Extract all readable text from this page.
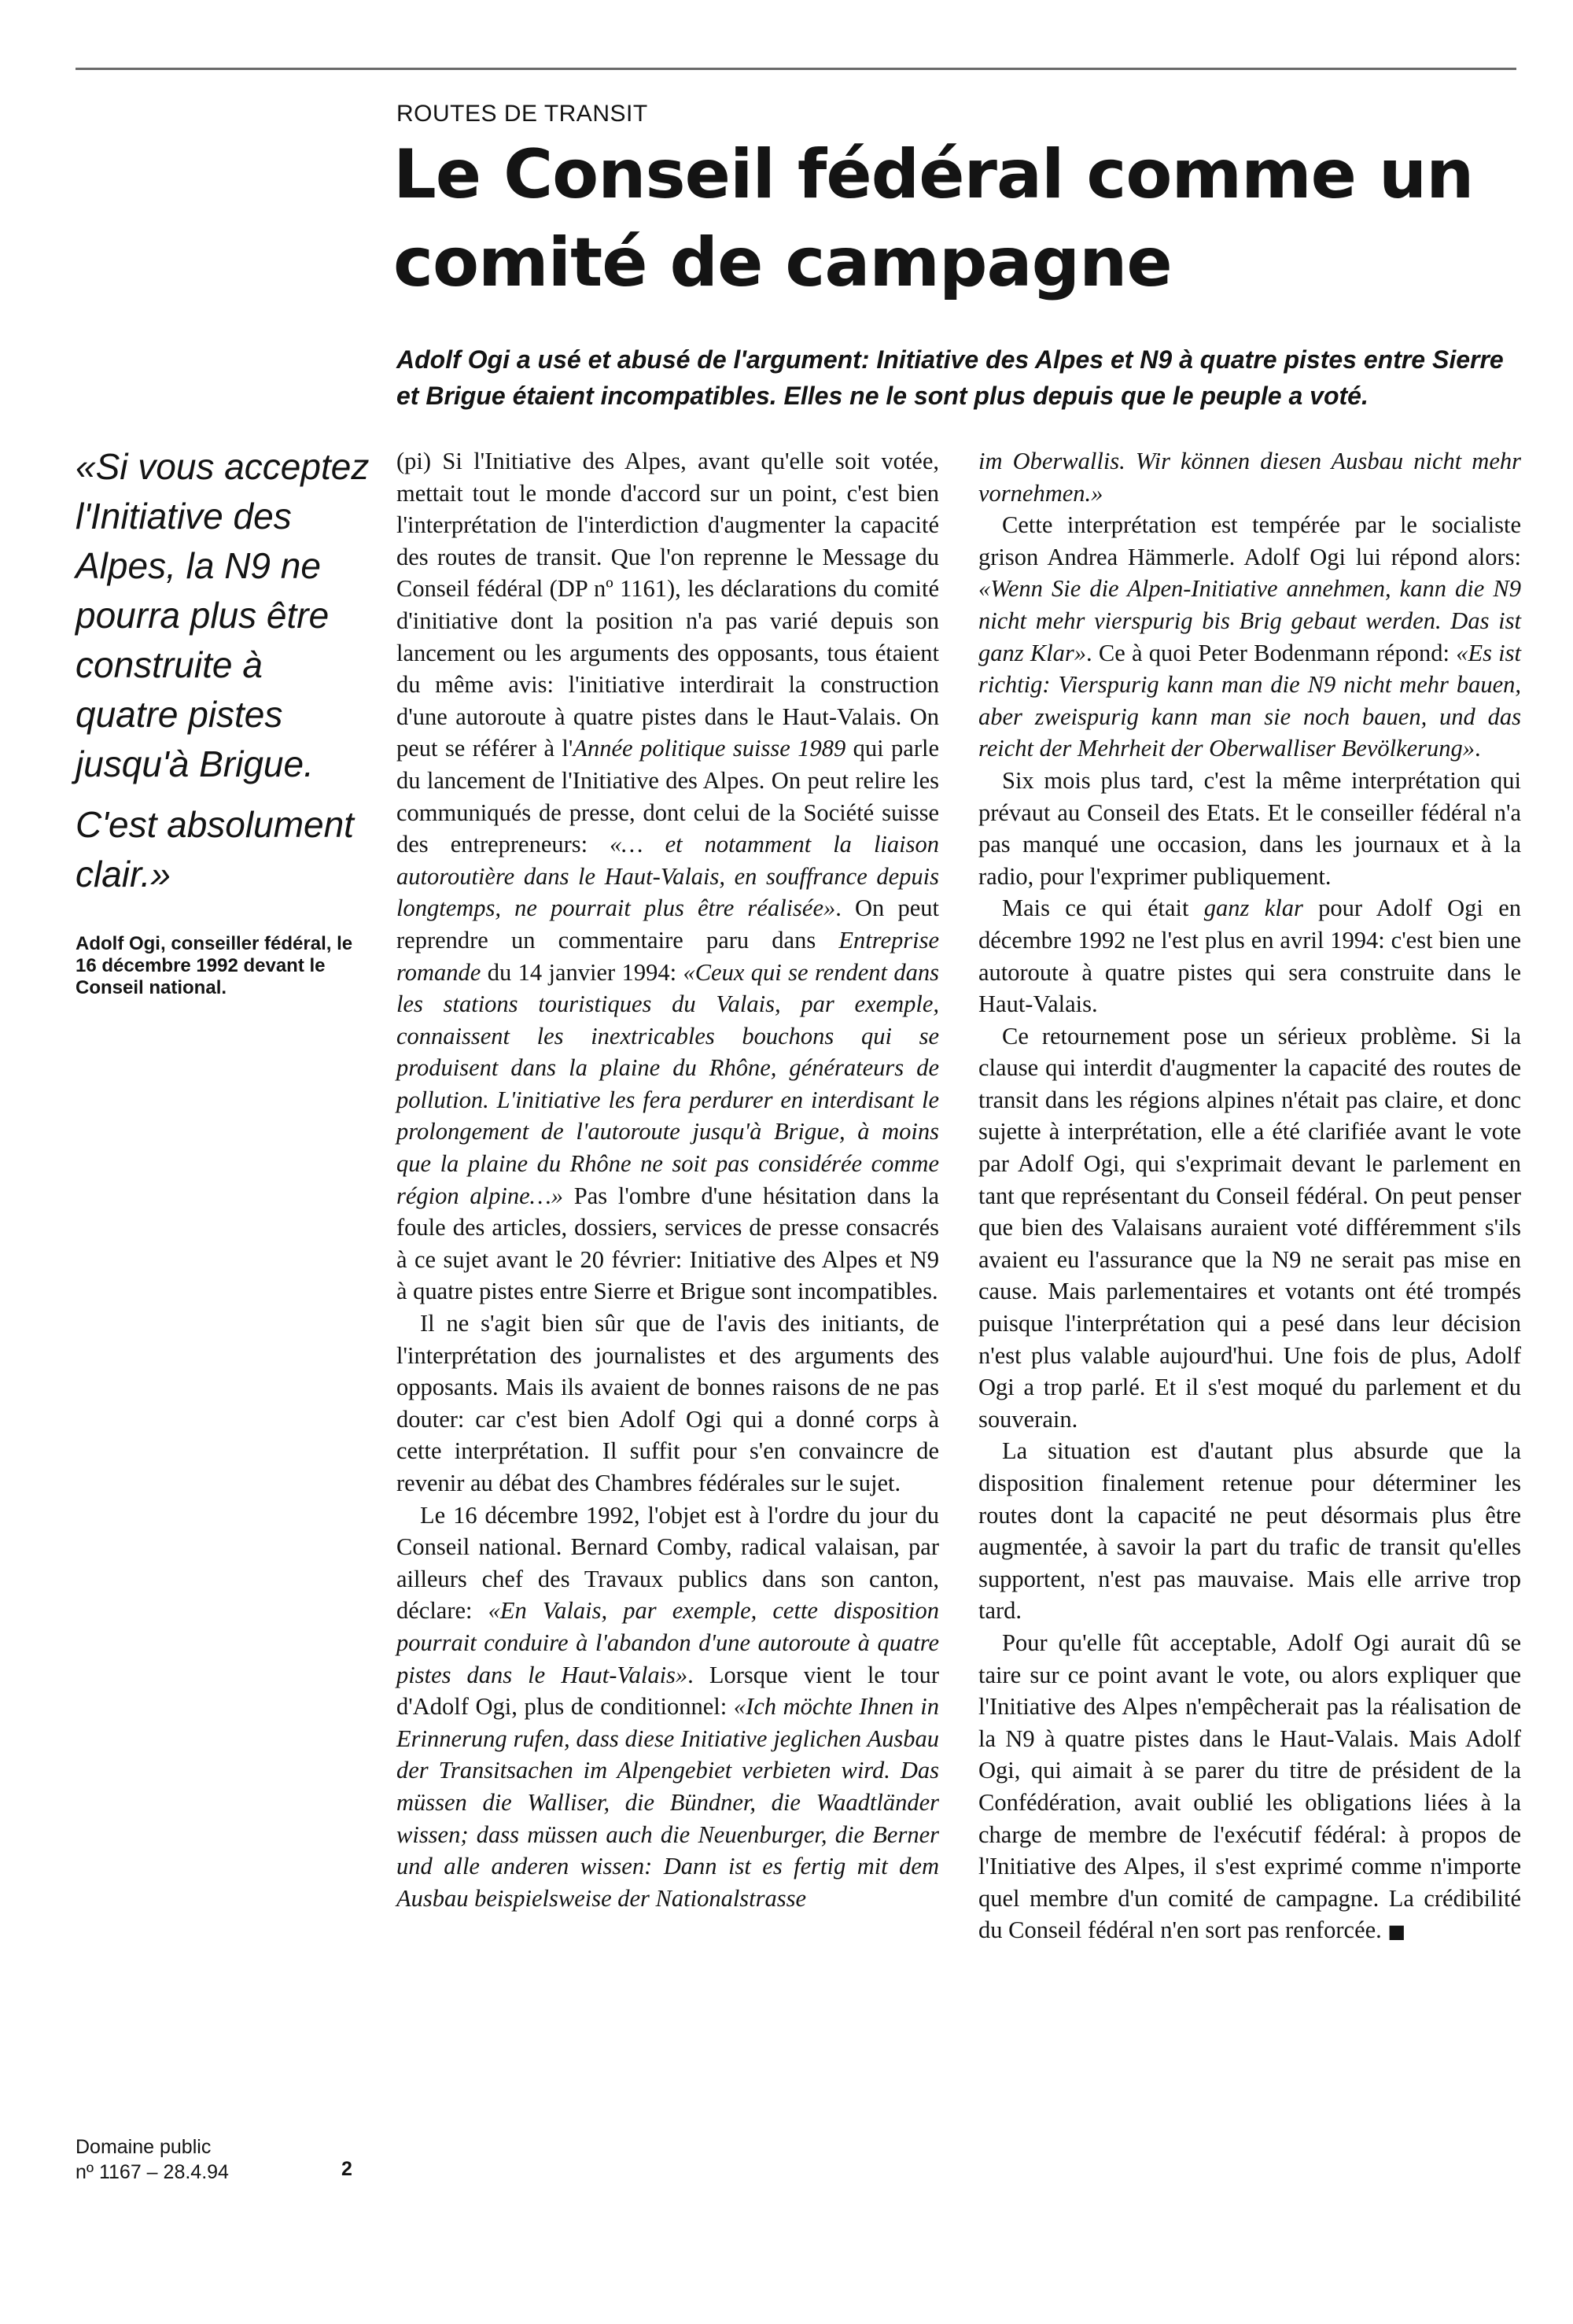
ROUTES DE TRANSIT
Le Conseil fédéral comme un
comité de campagne

Adolf Ogi a usé et abusé de l'argument: Initiative des Alpes et N9 à quatre pistes entre Sierre
et Brigue étaient incompatibles. Elles ne le sont plus depuis que le peuple a voté.

«Si vous acceptez l'Initiative des Alpes, la N9 ne pourra plus être construite à quatre pistes jusqu'à Brigue.

C'est absolument clair.»

Adolf Ogi, conseiller fédéral, le 16 décembre 1992 devant le Conseil national.

(pi) Si l'Initiative des Alpes, avant qu'elle soit votée, mettait tout le monde d'accord sur un point, c'est bien l'interprétation de l'interdiction d'augmenter la capacité des routes de transit. Que l'on reprenne le Message du Conseil fédéral (DP nº 1161), les déclarations du comité d'initiative dont la position n'a pas varié depuis son lancement ou les arguments des opposants, tous étaient du même avis: l'initiative interdirait la construction d'une autoroute à quatre pistes dans le Haut-Valais. On peut se référer à l'Année politique suisse 1989 qui parle du lancement de l'Initiative des Alpes. On peut relire les communiqués de presse, dont celui de la Société suisse des entrepreneurs: «… et notamment la liaison autoroutière dans le Haut-Valais, en souffrance depuis longtemps, ne pourrait plus être réalisée». On peut reprendre un commentaire paru dans Entreprise romande du 14 janvier 1994: «Ceux qui se rendent dans les stations touristiques du Valais, par exemple, connaissent les inextricables bouchons qui se produisent dans la plaine du Rhône, générateurs de pollution. L'initiative les fera perdurer en interdisant le prolongement de l'autoroute jusqu'à Brigue, à moins que la plaine du Rhône ne soit pas considérée comme région alpine…» Pas l'ombre d'une hésitation dans la foule des articles, dossiers, services de presse consacrés à ce sujet avant le 20 février: Initiative des Alpes et N9 à quatre pistes entre Sierre et Brigue sont incompatibles.

Il ne s'agit bien sûr que de l'avis des initiants, de l'interprétation des journalistes et des arguments des opposants. Mais ils avaient de bonnes raisons de ne pas douter: car c'est bien Adolf Ogi qui a donné corps à cette interprétation. Il suffit pour s'en convaincre de revenir au débat des Chambres fédérales sur le sujet.

Le 16 décembre 1992, l'objet est à l'ordre du jour du Conseil national. Bernard Comby, radical valaisan, par ailleurs chef des Travaux publics dans son canton, déclare: «En Valais, par exemple, cette disposition pourrait conduire à l'abandon d'une autoroute à quatre pistes dans le Haut-Valais». Lorsque vient le tour d'Adolf Ogi, plus de conditionnel: «Ich möchte Ihnen in Erinnerung rufen, dass diese Initiative jeglichen Ausbau der Transitsachen im Alpengebiet verbieten wird. Das müssen die Walliser, die Bündner, die Waadtländer wissen; dass müssen auch die Neuenburger, die Berner und alle anderen wissen: Dann ist es fertig mit dem Ausbau beispielsweise der Nationalstrasse

im Oberwallis. Wir können diesen Ausbau nicht mehr vornehmen.»

Cette interprétation est tempérée par le socialiste grison Andrea Hämmerle. Adolf Ogi lui répond alors: «Wenn Sie die Alpen-Initiative annehmen, kann die N9 nicht mehr vierspurig bis Brig gebaut werden. Das ist ganz Klar». Ce à quoi Peter Bodenmann répond: «Es ist richtig: Vierspurig kann man die N9 nicht mehr bauen, aber zweispurig kann man sie noch bauen, und das reicht der Mehrheit der Oberwalliser Bevölkerung».

Six mois plus tard, c'est la même interprétation qui prévaut au Conseil des Etats. Et le conseiller fédéral n'a pas manqué une occasion, dans les journaux et à la radio, pour l'exprimer publiquement.

Mais ce qui était ganz klar pour Adolf Ogi en décembre 1992 ne l'est plus en avril 1994: c'est bien une autoroute à quatre pistes qui sera construite dans le Haut-Valais.

Ce retournement pose un sérieux problème. Si la clause qui interdit d'augmenter la capacité des routes de transit dans les régions alpines n'était pas claire, et donc sujette à interprétation, elle a été clarifiée avant le vote par Adolf Ogi, qui s'exprimait devant le parlement en tant que représentant du Conseil fédéral. On peut penser que bien des Valaisans auraient voté différemment s'ils avaient eu l'assurance que la N9 ne serait pas mise en cause. Mais parlementaires et votants ont été trompés puisque l'interprétation qui a pesé dans leur décision n'est plus valable aujourd'hui. Une fois de plus, Adolf Ogi a trop parlé. Et il s'est moqué du parlement et du souverain.

La situation est d'autant plus absurde que la disposition finalement retenue pour déterminer les routes dont la capacité ne peut désormais plus être augmentée, à savoir la part du trafic de transit qu'elles supportent, n'est pas mauvaise. Mais elle arrive trop tard.

Pour qu'elle fût acceptable, Adolf Ogi aurait dû se taire sur ce point avant le vote, ou alors expliquer que l'Initiative des Alpes n'empêcherait pas la réalisation de la N9 à quatre pistes dans le Haut-Valais. Mais Adolf Ogi, qui aimait à se parer du titre de président de la Confédération, avait oublié les obligations liées à la charge de membre de l'exécutif fédéral: à propos de l'Initiative des Alpes, il s'est exprimé comme n'importe quel membre d'un comité de campagne. La crédibilité du Conseil fédéral n'en sort pas renforcée. ■

Domaine public
nº 1167 – 28.4.94	2
